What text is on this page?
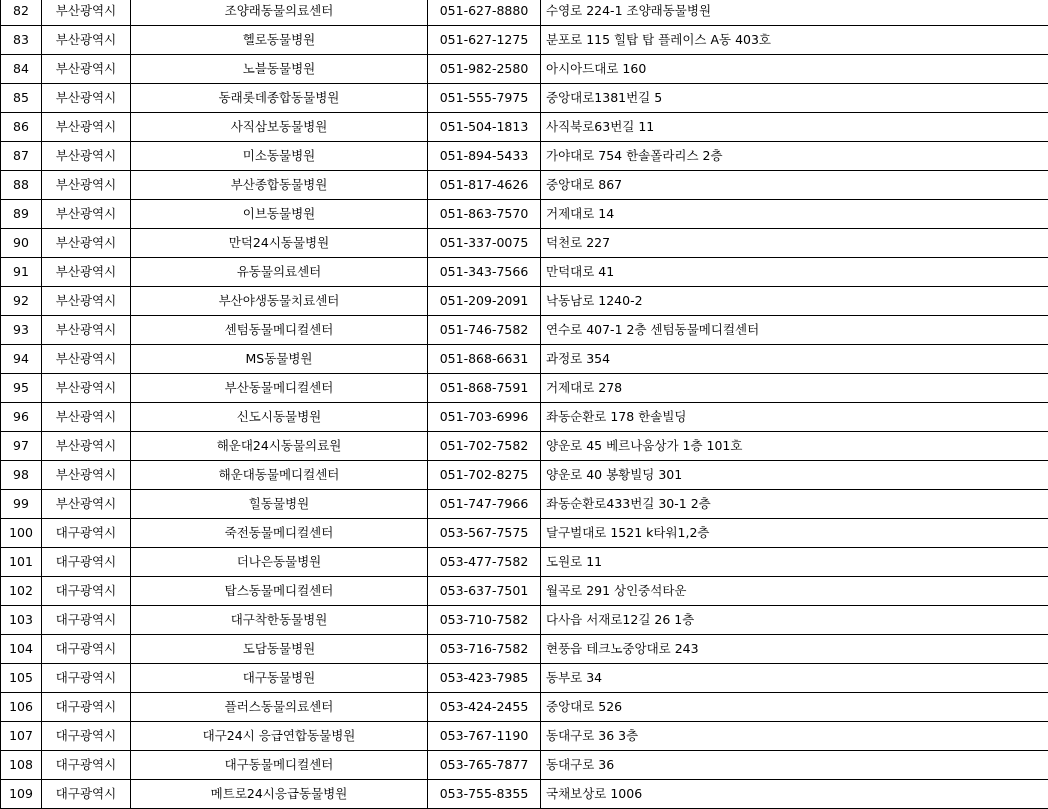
82	부산광역시	조양래동물의료센터	051-627-8880	수영로 224-1 조양래동물병원
83	부산광역시	헬로동물병원	051-627-1275	분포로 115 힐탑 탑 플레이스 A동 403호
84	부산광역시	노블동물병원	051-982-2580	아시아드대로 160
85	부산광역시	동래롯데종합동물병원	051-555-7975	중앙대로1381번길 5
86	부산광역시	사직삼보동물병원	051-504-1813	사직북로63번길 11
87	부산광역시	미소동물병원	051-894-5433	가야대로 754 한솔폴라리스 2층
88	부산광역시	부산종합동물병원	051-817-4626	중앙대로 867
89	부산광역시	이브동물병원	051-863-7570	거제대로 14
90	부산광역시	만덕24시동물병원	051-337-0075	덕천로 227
91	부산광역시	유동물의료센터	051-343-7566	만덕대로 41
92	부산광역시	부산야생동물치료센터	051-209-2091	낙동남로 1240-2
93	부산광역시	센텀동물메디컬센터	051-746-7582	연수로 407-1 2층 센텀동물메디컬센터
94	부산광역시	MS동물병원	051-868-6631	과정로 354
95	부산광역시	부산동물메디컬센터	051-868-7591	거제대로 278
96	부산광역시	신도시동물병원	051-703-6996	좌동순환로 178 한솔빌딩
97	부산광역시	해운대24시동물의료원	051-702-7582	양운로 45 베르나움상가 1층 101호
98	부산광역시	해운대동물메디컬센터	051-702-8275	양운로 40 봉황빌딩 301
99	부산광역시	힐동물병원	051-747-7966	좌동순환로433번길 30-1 2층
100	대구광역시	죽전동물메디컬센터	053-567-7575	달구벌대로 1521 k타워1,2층
101	대구광역시	더나은동물병원	053-477-7582	도원로 11
102	대구광역시	탑스동물메디컬센터	053-637-7501	월곡로 291 상인중석타운
103	대구광역시	대구착한동물병원	053-710-7582	다사읍 서재로12길 26 1층
104	대구광역시	도담동물병원	053-716-7582	현풍읍 테크노중앙대로 243
105	대구광역시	대구동물병원	053-423-7985	동부로 34
106	대구광역시	플러스동물의료센터	053-424-2455	중앙대로 526
107	대구광역시	대구24시 응급연합동물병원	053-767-1190	동대구로 36 3층
108	대구광역시	대구동물메디컬센터	053-765-7877	동대구로 36
109	대구광역시	메트로24시응급동물병원	053-755-8355	국채보상로 1006
